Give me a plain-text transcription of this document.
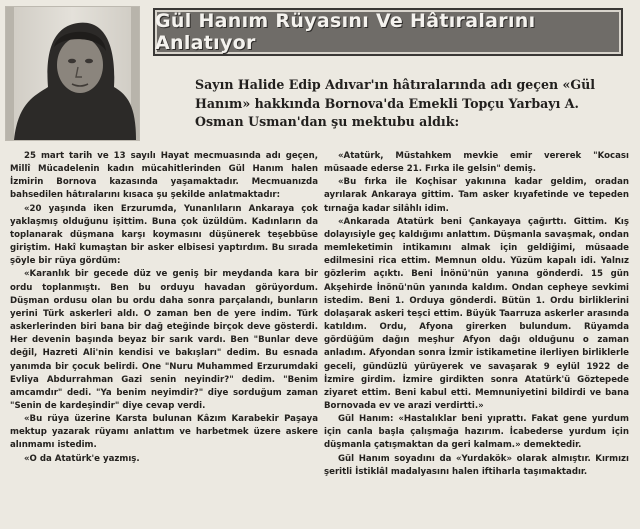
Gül Hanım Rüyasını Ve Hâtıralarını Anlatıyor

Sayın Halide Edip Adıvar'ın hâtıralarında adı geçen «Gül Hanım» hakkında Bornova'da Emekli Topçu Yarbayı A. Osman Usman'dan şu mektubu aldık:

25 mart tarih ve 13 sayılı Hayat mecmuasında adı geçen, Millî Mücadelenin kadın mücahitlerinden Gül Hanım halen İzmirin Bornova kazasında yaşamaktadır. Mecmuanızda bahsedilen hâtıralarını kısaca şu şekilde anlatmaktadır:

«20 yaşında iken Erzurumda, Yunanlıların Ankaraya çok yaklaşmış olduğunu işittim. Buna çok üzüldüm. Kadınların da toplanarak düşmana karşı koymasını düşünerek teşebbüse giriştim. Hakî kumaştan bir asker elbisesi yaptırdım. Bu sırada şöyle bir rüya gördüm:

«Karanlık bir gecede düz ve geniş bir meydanda kara bir ordu toplanmıştı. Ben bu orduyu havadan görüyordum. Düşman ordusu olan bu ordu daha sonra parçalandı, bunların yerini Türk askerleri aldı. O zaman ben de yere indim. Türk askerlerinden biri bana bir dağ eteğinde birçok deve gösterdi. Her devenin başında beyaz bir sarık vardı. Ben "Bunlar deve değil, Hazreti Ali'nin kendisi ve bakışları" dedim. Bu esnada yanımda bir çocuk belirdi. One "Nuru Muhammed Erzurumdaki Evliya Abdurrahman Gazi senin neyindir?" dedim. "Benim amcamdır" dedi. "Ya benim neyimdir?" diye sorduğum zaman "Senin de kardeşindir" diye cevap verdi.

«Bu rüya üzerine Karsta bulunan Kâzım Karabekir Paşaya mektup yazarak rüyamı anlattım ve harbetmek üzere askere alınmamı istedim.

«O da Atatürk'e yazmış.

«Atatürk, Müstahkem mevkie emir vererek "Kocası müsaade ederse 21. Fırka ile gelsin" demiş.

«Bu fırka ile Koçhisar yakınına kadar geldim, oradan ayrılarak Ankaraya gittim. Tam asker kıyafetinde ve tepeden tırnağa kadar silâhlı idim.

«Ankarada Atatürk beni Çankayaya çağırttı. Gittim. Kış dolayısiyle geç kaldığımı anlattım. Düşmanla savaşmak, ondan memleketimin intikamını almak için geldiğimi, müsaade edilmesini rica ettim. Memnun oldu. Yüzüm kapalı idi. Yalnız gözlerim açıktı. Beni İnönü'nün yanına gönderdi. 15 gün Akşehirde İnönü'nün yanında kaldım. Ondan cepheye sevkimi istedim. Beni 1. Orduya gönderdi. Bütün 1. Ordu birliklerini dolaşarak askeri teşci ettim. Büyük Taarruza askerler arasında katıldım. Ordu, Afyona girerken bulundum. Rüyamda gördüğüm dağın meşhur Afyon dağı olduğunu o zaman anladım. Afyondan sonra İzmir istikametine ilerliyen birliklerle geceli, gündüzlü yürüyerek ve savaşarak 9 eylül 1922 de İzmire girdim. İzmire girdikten sonra Atatürk'ü Göztepede ziyaret ettim. Beni kabul etti. Memnuniyetini bildirdi ve bana Bornovada ev ve arazi verdirtti.»

Gül Hanım: «Hastalıklar beni yıprattı. Fakat gene yurdum için canla başla çalışmağa hazırım. İcabederse yurdum için düşmanla çatışmaktan da geri kalmam.» demektedir.

Gül Hanım soyadını da «Yurdakök» olarak almıştır. Kırmızı şeritli İstiklâl madalyasını halen iftiharla taşımaktadır.
